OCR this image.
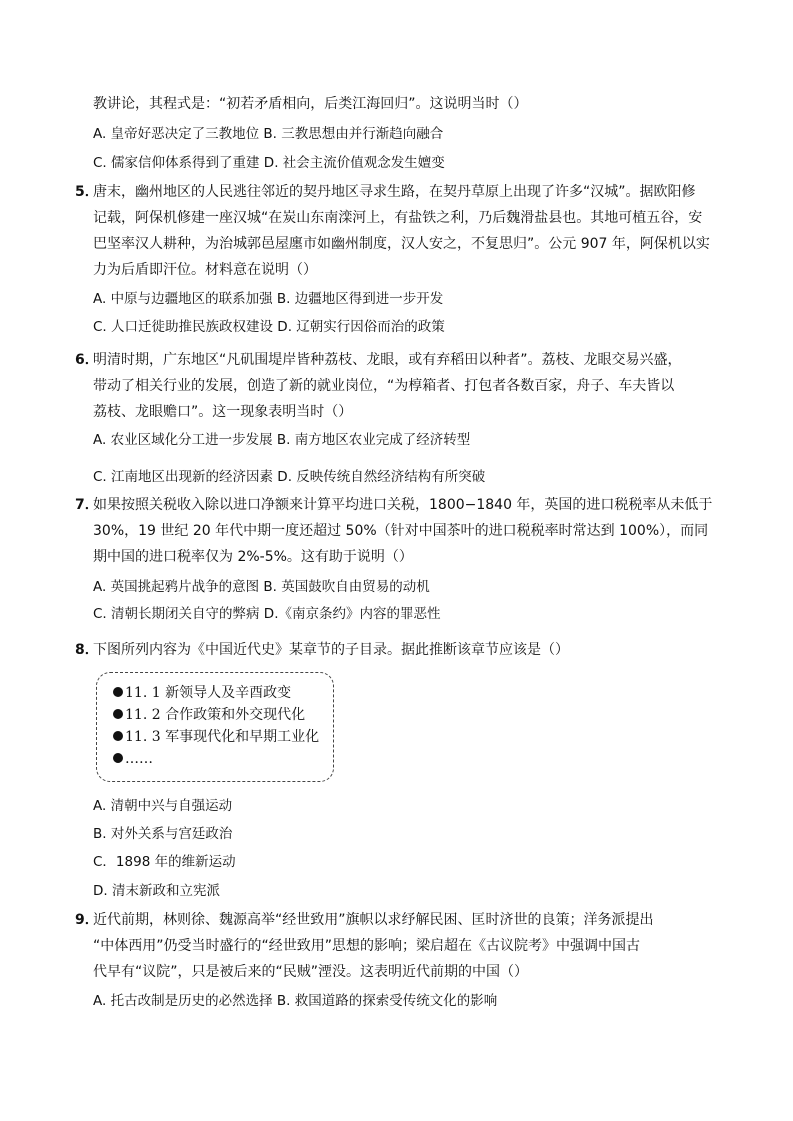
教讲论，其程式是：“初若矛盾相向，后类江海回归”。这说明当时（）
A. 皇帝好恶决定了三教地位 B. 三教思想由并行渐趋向融合
C. 儒家信仰体系得到了重建 D. 社会主流价值观念发生嬗变
5．
唐末，幽州地区的人民逃往邻近的契丹地区寻求生路，在契丹草原上出现了许多“汉城”。据欧阳修
记载，阿保机修建一座汉城“在炭山东南滦河上，有盐铁之利，乃后魏滑盐县也。其地可植五谷，安
巴坚率汉人耕种，为治城郭邑屋廛市如幽州制度，汉人安之，不复思归”。公元 907 年，阿保机以实
力为后盾即汗位。材料意在说明（）
A. 中原与边疆地区的联系加强 B. 边疆地区得到进一步开发
C. 人口迁徙助推民族政权建设 D. 辽朝实行因俗而治的政策
6．
明清时期，广东地区“凡矶围堤岸皆种荔枝、龙眼，或有弃稻田以种者”。荔枝、龙眼交易兴盛，
带动了相关行业的发展，创造了新的就业岗位，“为椁箱者、打包者各数百家，舟子、车夫皆以
荔枝、龙眼赡口”。这一现象表明当时（）
A. 农业区域化分工进一步发展 B. 南方地区农业完成了经济转型
C. 江南地区出现新的经济因素 D. 反映传统自然经济结构有所突破
7．
如果按照关税收入除以进口净额来计算平均进口关税，1800−1840 年，英国的进口税税率从未低于
30%，19 世纪 20 年代中期一度还超过 50%（针对中国茶叶的进口税税率时常达到 100%），而同
期中国的进口税率仅为 2%-5%。这有助于说明（）
A. 英国挑起鸦片战争的意图 B. 英国鼓吹自由贸易的动机
C. 清朝长期闭关自守的弊病 D.《南京条约》内容的罪恶性
8．
下图所列内容为《中国近代史》某章节的子目录。据此推断该章节应该是（）
11. 1 新领导人及辛酉政变
11. 2 合作政策和外交现代化
11. 3 军事现代化和早期工业化
……
A. 清朝中兴与自强运动
B. 对外关系与宫廷政治
C．1898 年的维新运动
D. 清末新政和立宪派
9．
近代前期，林则徐、魏源高举“经世致用”旗帜以求纾解民困、匡时济世的良策；洋务派提出
“中体西用”仍受当时盛行的“经世致用”思想的影响；梁启超在《古议院考》中强调中国古
代早有“议院”，只是被后来的“民贼”湮没。这表明近代前期的中国（）
A. 托古改制是历史的必然选择 B. 救国道路的探索受传统文化的影响
